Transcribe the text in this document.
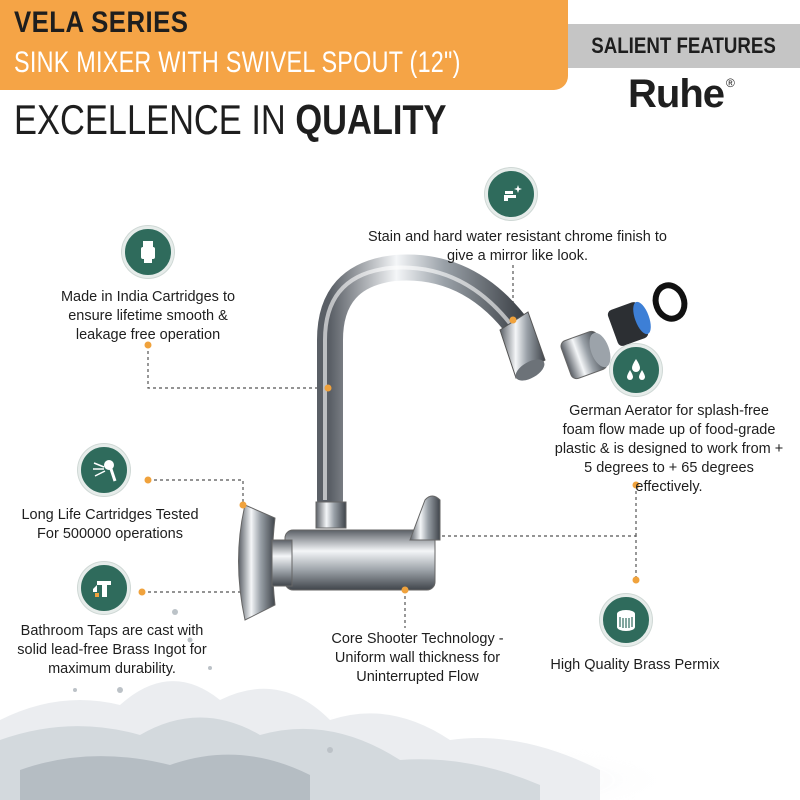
VELA SERIES
SINK MIXER WITH SWIVEL SPOUT (12")
SALIENT FEATURES
Ruhe ®
EXCELLENCE IN QUALITY
Stain and hard water resistant chrome finish to give a mirror like look.
Made in India Cartridges to ensure lifetime smooth & leakage free operation
German Aerator for splash-free foam flow made up of food-grade plastic & is designed to work from + 5 degrees to + 65 degrees effectively.
Long Life Cartridges Tested For 500000 operations
Bathroom Taps are cast with solid lead-free Brass Ingot for maximum durability.
Core Shooter Technology - Uniform wall thickness for Uninterrupted Flow
High Quality Brass Permix
